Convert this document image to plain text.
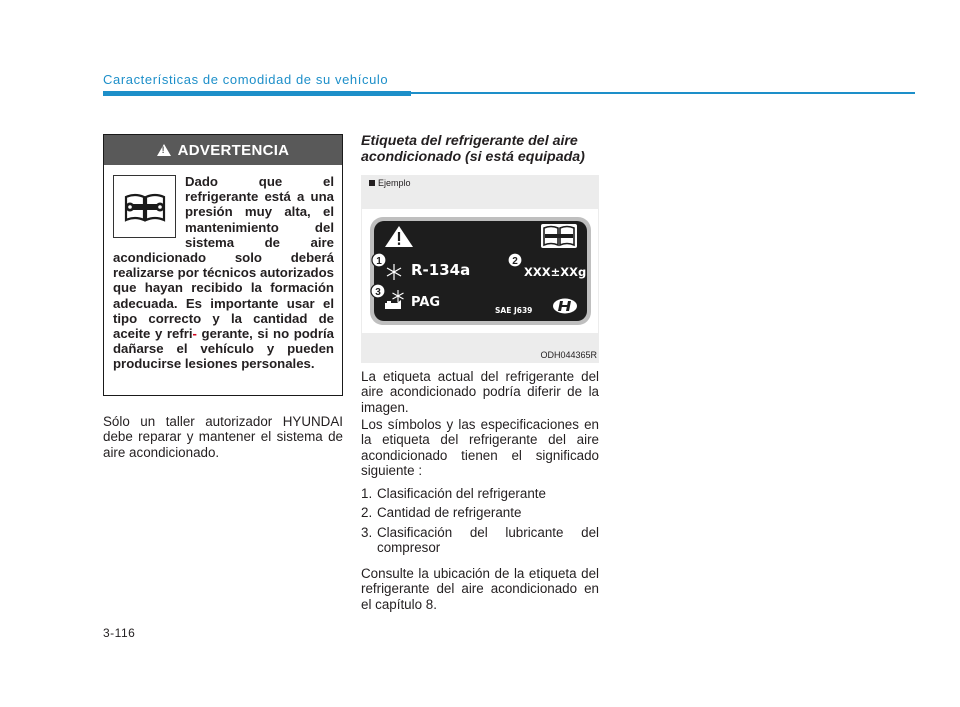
Características de comodidad de su vehículo
!
ADVERTENCIA
Dado que el refrigerante está a una presión muy alta, el mantenimiento del sistema de aire acondicionado solo deberá realizarse por técnicos autorizados que hayan recibido la formación adecuada. Es importante usar el tipo correcto y la cantidad de aceite y refri- gerante, si no podría dañarse el vehículo y pueden producirse lesiones personales.

Sólo un taller autorizador HYUNDAI debe reparar y mantener el sistema de aire acondicionado.

Etiqueta del refrigerante del aire acondicionado (si está equipada)
Ejemplo
1	2
3
R-134a	XXX±XXg
PAG
SAE J639
ODH044365R

La etiqueta actual del refrigerante del aire acondicionado podría diferir de la imagen.

Los símbolos y las especificaciones en la etiqueta del refrigerante del aire acondicionado tienen el significado siguiente :

1. Clasificación del refrigerante
2. Cantidad de refrigerante
3. Clasificación del lubricante del compresor

Consulte la ubicación de la etiqueta del refrigerante del aire acondicionado en el capítulo 8.

3-116
